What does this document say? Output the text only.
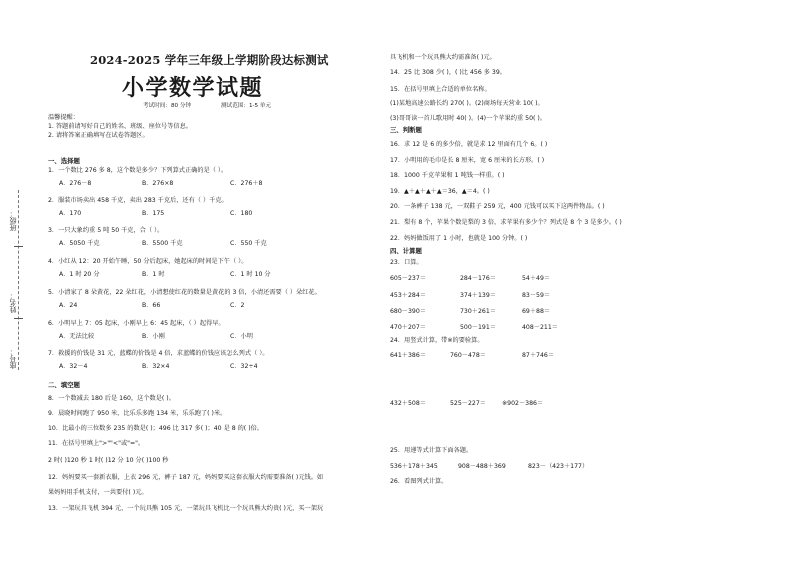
班级：
姓名：
座号：
2024-2025 学年三年级上学期阶段达标测试
小学数学试题
考试时间：80 分钟	测试范围：1-5 单元
温馨提醒：
1. 答题前请写好自己的姓名、班级、座位号等信息。
2. 请将答案正确填写在试卷答题区。
一、选择题
1．一个数比 276 多 8，这个数是多少？下列算式正确的是（ ）。
A．276－8	B．276×8	C．276＋8
2．服装市场卖出 458 千克，卖出 283 千克后，还有（ ）千克。
A．170	B．175	C．180
3．一只大象约重 5 吨 50 千克，合（ ）。
A．5050 千克	B．5500 千克	C．550 千克
4．小红从 12：20 开始午睡，50 分后起床，她起床的时间是下午（ ）。
A．1 时 20 分	B．1 时	C．1 时 10 分
5．小清家了 8 朵黄花，22 朵红花，小清想使红花的数量是黄花的 3 倍，小清还需要（ ）朵红花。
A．24	B．66	C．2
6．小明早上 7：05 起床，小刚早上 6：45 起床，（ ）起得早。
A．无法比较	B．小刚	C．小明
7．救援的价钱是 31 元，蓝蝶的价钱是 4 倍，求蓝蝶的价钱应该怎么列式（ ）。
A．32－4	B．32×4	C．32÷4
二、填空题
8．一个数减去 180 后是 160，这个数是( )。
9．晨晓时间跑了 950 米，比乐乐多跑 134 米，乐乐跑了( )米。
10．比最小的三位数多 235 的数是( )；496 比 317 多( )；40 是 8 的( )倍。
11．在括号里填上">""<"或"="。
2 时( )120 秒 1 时( )12 分 10 分( )100 秒
12．妈妈要买一套新衣服，上衣 296 元，裤子 187 元，妈妈要买这套衣服大约需要准备( )元钱。如
果妈妈用手机支付，一共要付( )元。
13．一架玩具飞机 394 元，一个玩具熊 105 元，一架玩具飞机比一个玩具熊大约贵( )元，买一架玩
具飞机和一个玩具熊大约需准备( )元。
14．25 比 308 少( )，( )比 456 多 39。
15．在括号里填上合适的单位名称。
(1)某地高速公路长约 270( )。(2)商场每天营业 10( )。
(3)哥哥读一首儿歌用时 40( )。(4)一个苹果约重 50( )。
三、判断题
16．求 12 是 6 的多少倍，就是求 12 里面有几个 6。( )
17．小明用的毛巾是长 8 厘米，宽 6 厘米的长方形。( )
18．1000 千克苹果和 1 吨钱一样重。( )
19．▲＋▲＋▲＋▲＝36，▲＝4。( )
20．一条裤子 138 元，一双鞋子 259 元，400 元钱可以买下这两件物品。( )
21．梨有 8 个，苹果个数是梨的 3 倍，求苹果有多少个？列式是 8 个 3 是多少。( )
22．妈妈做饭用了 1 小时，也就是 100 分钟。( )
四、计算题
23．口算。
605－237＝	284－176＝	54＋49＝
453＋284＝	374＋139＝	83－59＝
680－390＝	730＋261＝	69＋88＝
470＋207＝	500－191＝	408－211＝
24．用竖式计算，带※的要验算。
641＋386＝	760－478＝	87＋746＝
432＋508＝	525－227＝	※902－386＝
25．用递等式计算下面各题。
536＋178＋345	908－488＋369	823－（423＋177）
26．看图列式计算。
